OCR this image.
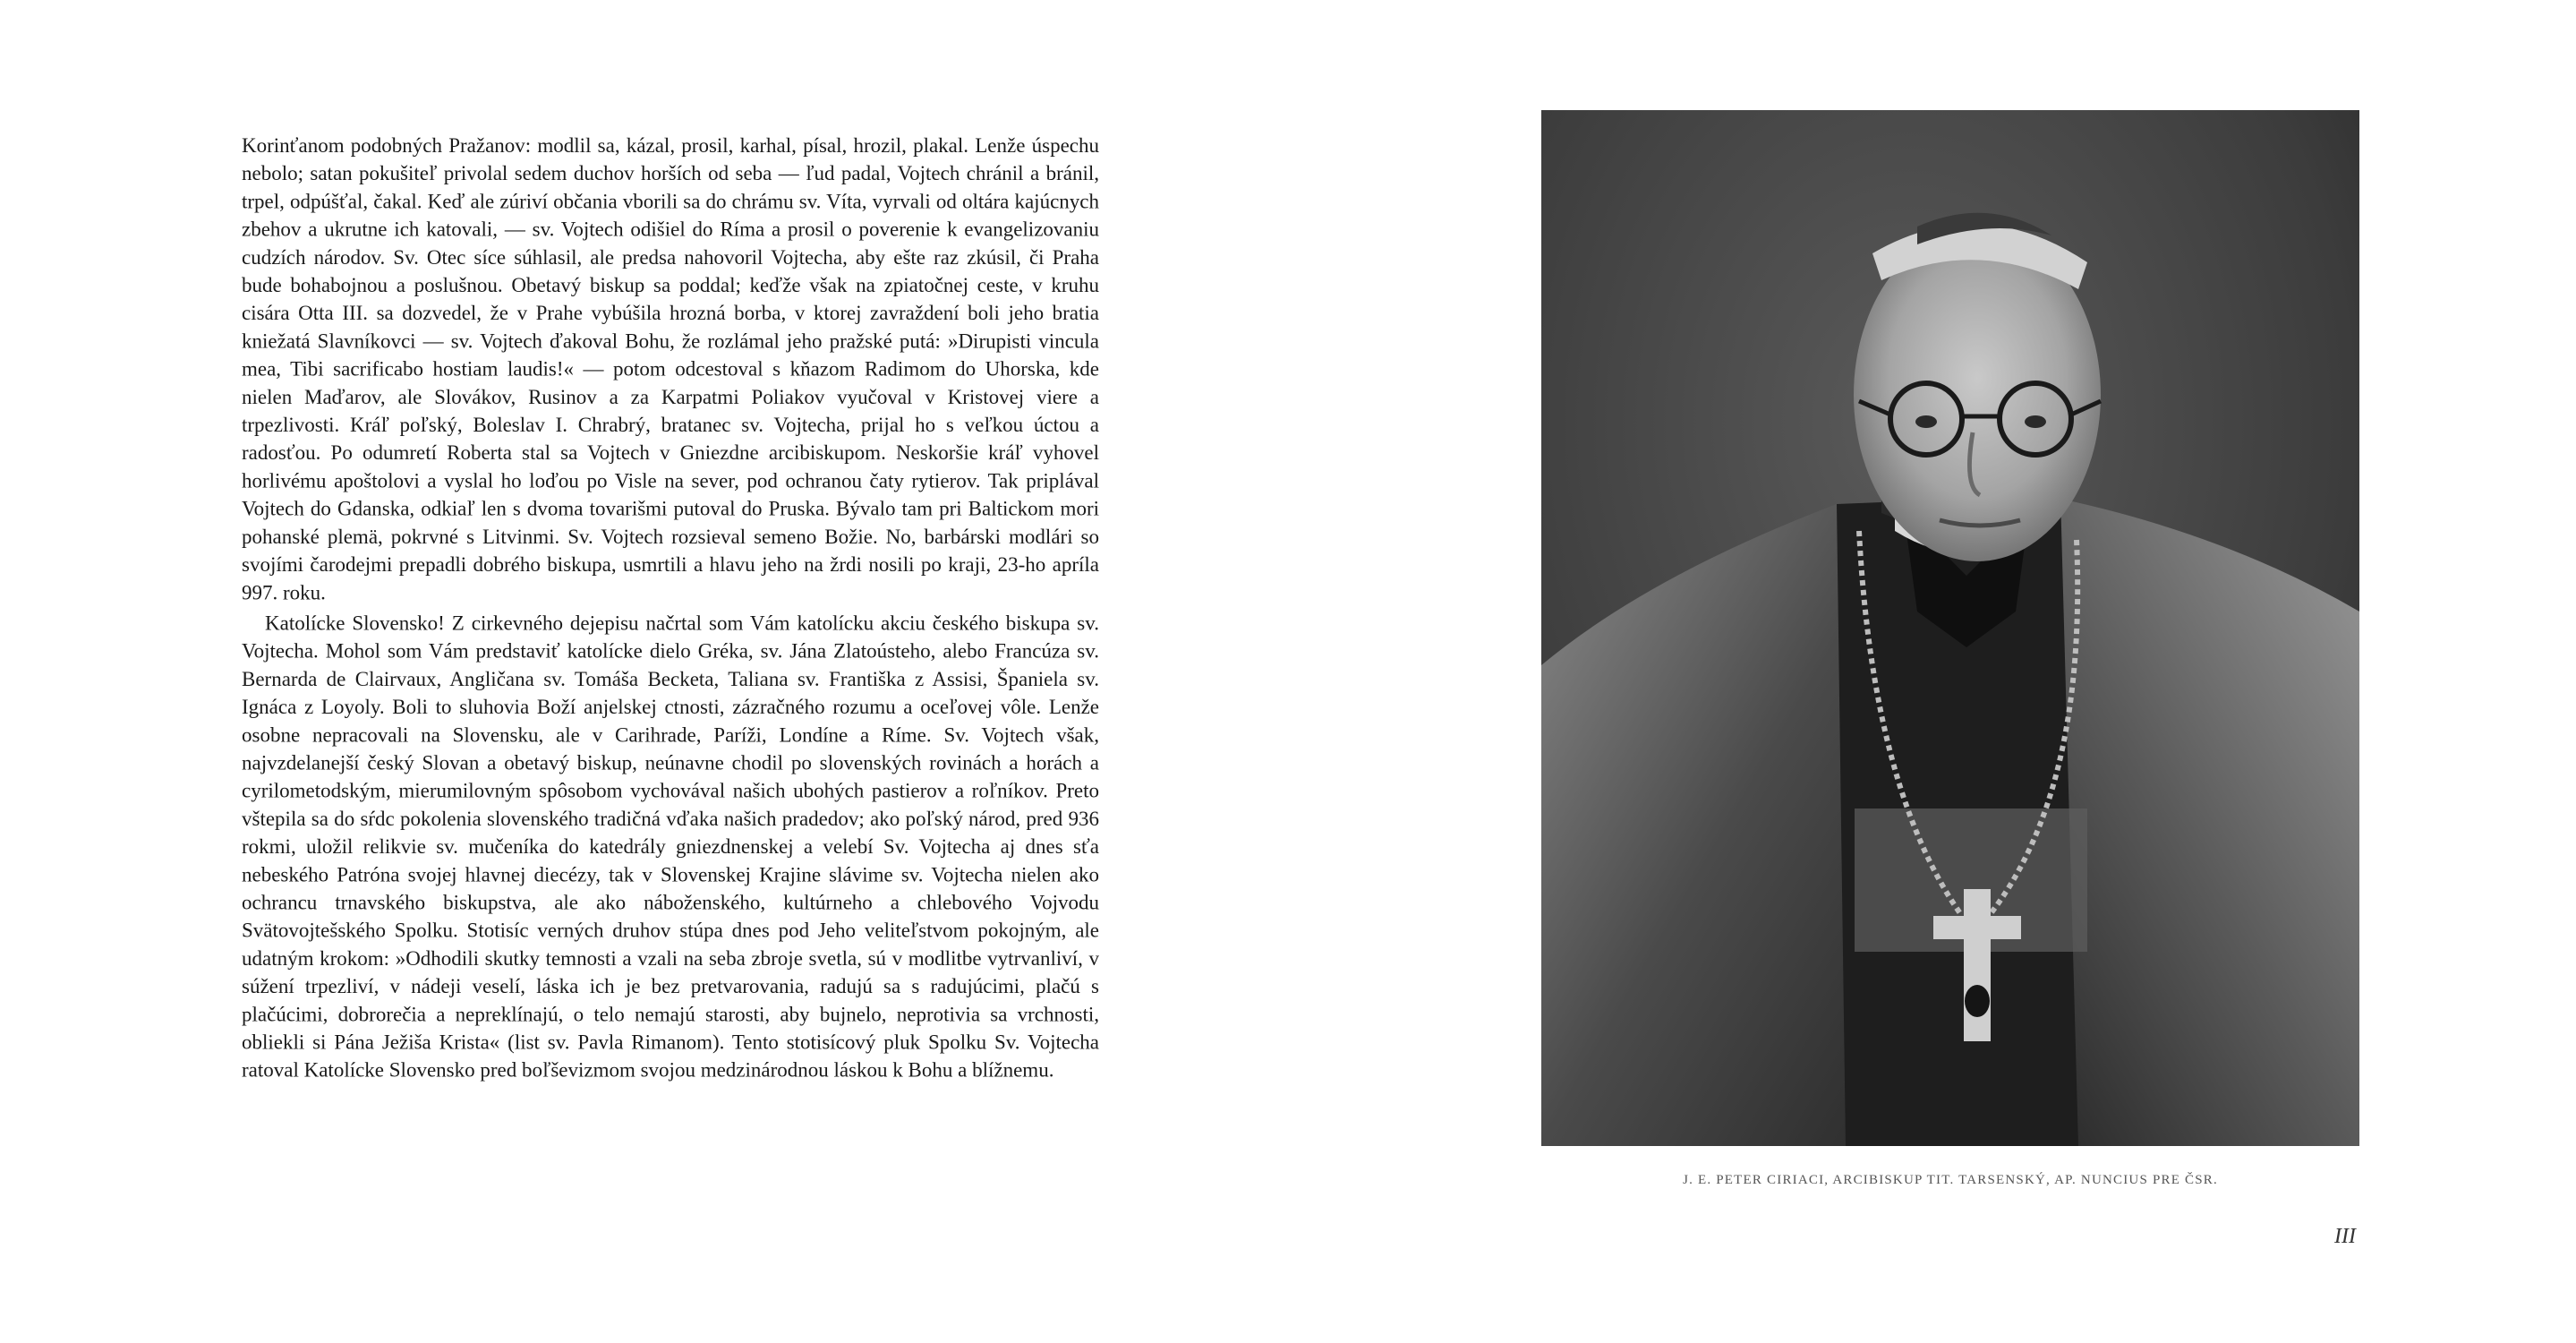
Korinťanom podobných Pražanov: modlil sa, kázal, prosil, karhal, písal, hrozil, plakal. Lenže úspechu nebolo; satan pokušiteľ privolal sedem duchov horších od seba — ľud padal, Vojtech chránil a bránil, trpel, odpúšťal, čakal. Keď ale zúriví občania vborili sa do chrámu sv. Víta, vyrvali od oltára kajúcnych zbehov a ukrutne ich katovali, — sv. Vojtech odišiel do Ríma a prosil o poverenie k evangelizovaniu cudzích národov. Sv. Otec síce súhlasil, ale predsa nahovoril Vojtecha, aby ešte raz zkúsil, či Praha bude bohabojnou a poslušnou. Obetavý biskup sa poddal; keďže však na zpiatočnej ceste, v kruhu cisára Otta III. sa dozvedel, že v Prahe vybúšila hrozná borba, v ktorej zavraždení boli jeho bratia kniežatá Slavníkovci — sv. Vojtech ďakoval Bohu, že rozlámal jeho pražské putá: »Dirupisti vincula mea, Tibi sacrificabo hostiam laudis!« — potom odcestoval s kňazom Radimom do Uhorska, kde nielen Maďarov, ale Slovákov, Rusinov a za Karpatmi Poliakov vyučoval v Kristovej viere a trpezlivosti. Kráľ poľský, Boleslav I. Chrabrý, bratanec sv. Vojtecha, prijal ho s veľkou úctou a radosťou. Po odumretí Roberta stal sa Vojtech v Gniezdne arcibiskupom. Neskoršie kráľ vyhovel horlivému apoštolovi a vyslal ho loďou po Visle na sever, pod ochranou čaty rytierov. Tak priplával Vojtech do Gdanska, odkiaľ len s dvoma tovarišmi putoval do Pruska. Bývalo tam pri Baltickom mori pohanské plemä, pokrvné s Litvinmi. Sv. Vojtech rozsieval semeno Božie. No, barbárski modlári so svojími čarodejmi prepadli dobrého biskupa, usmrtili a hlavu jeho na žrdi nosili po kraji, 23-ho apríla 997. roku.

Katolícke Slovensko! Z cirkevného dejepisu načrtal som Vám katolícku akciu českého biskupa sv. Vojtecha. Mohol som Vám predstaviť katolícke dielo Gréka, sv. Jána Zlatoústeho, alebo Francúza sv. Bernarda de Clairvaux, Angličana sv. Tomáša Becketa, Taliana sv. Františka z Assisi, Španiela sv. Ignáca z Loyoly. Boli to sluhovia Boží anjelskej ctnosti, zázračného rozumu a oceľovej vôle. Lenže osobne nepracovali na Slovensku, ale v Carihrade, Paríži, Londíne a Ríme. Sv. Vojtech však, najvzdelanejší český Slovan a obetavý biskup, neúnavne chodil po slovenských rovinách a horách a cyrilometodským, mierumilovným spôsobom vychovával našich ubohých pastierov a roľníkov. Preto vštepila sa do sŕdc pokolenia slovenského tradičná vďaka našich pradedov; ako poľský národ, pred 936 rokmi, uložil relikvie sv. mučeníka do katedrály gniezdnenskej a velebí Sv. Vojtecha aj dnes sťa nebeského Patróna svojej hlavnej diecézy, tak v Slovenskej Krajine slávime sv. Vojtecha nielen ako ochrancu trnavského biskupstva, ale ako náboženského, kultúrneho a chlebového Vojvodu Svätovojtešského Spolku. Stotisíc verných druhov stúpa dnes pod Jeho veliteľstvom pokojným, ale udatným krokom: »Odhodili skutky temnosti a vzali na seba zbroje svetla, sú v modlitbe vytrvanliví, v súžení trpezliví, v nádeji veselí, láska ich je bez pretvarovania, radujú sa s radujúcimi, plačú s plačúcimi, dobrorečia a nepreklínajú, o telo nemajú starosti, aby bujnelo, neprotivia sa vrchnosti, obliekli si Pána Ježiša Krista« (list sv. Pavla Rimanom). Tento stotisícový pluk Spolku Sv. Vojtecha ratoval Katolícke Slovensko pred boľševizmom svojou medzinárodnou láskou k Bohu a blížnemu.

J. E. PETER CIRIACI, ARCIBISKUP TIT. TARSENSKÝ, AP. NUNCIUS PRE ČSR.
III
